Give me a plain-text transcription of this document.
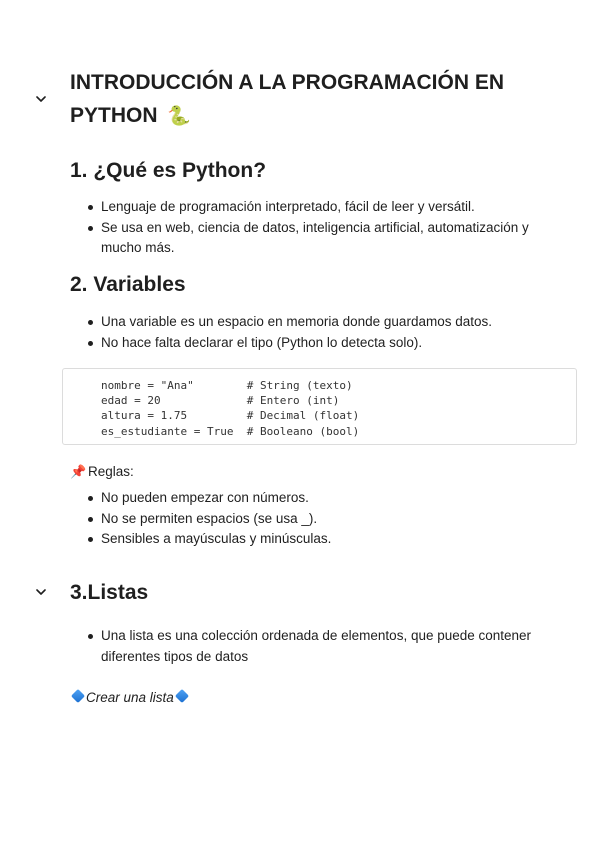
INTRODUCCIÓN A LA PROGRAMACIÓN EN PYTHON 🐍
1. ¿Qué es Python?
Lenguaje de programación interpretado, fácil de leer y versátil.
Se usa en web, ciencia de datos, inteligencia artificial, automatización y mucho más.
2. Variables
Una variable es un espacio en memoria donde guardamos datos.
No hace falta declarar el tipo (Python lo detecta solo).
nombre = "Ana"        # String (texto)
edad = 20             # Entero (int)
altura = 1.75         # Decimal (float)
es_estudiante = True  # Booleano (bool)
📌 Reglas:
No pueden empezar con números.
No se permiten espacios (se usa _).
Sensibles a mayúsculas y minúsculas.
3.Listas
Una lista es una colección ordenada de elementos, que puede contener diferentes tipos de datos
Crear una lista
